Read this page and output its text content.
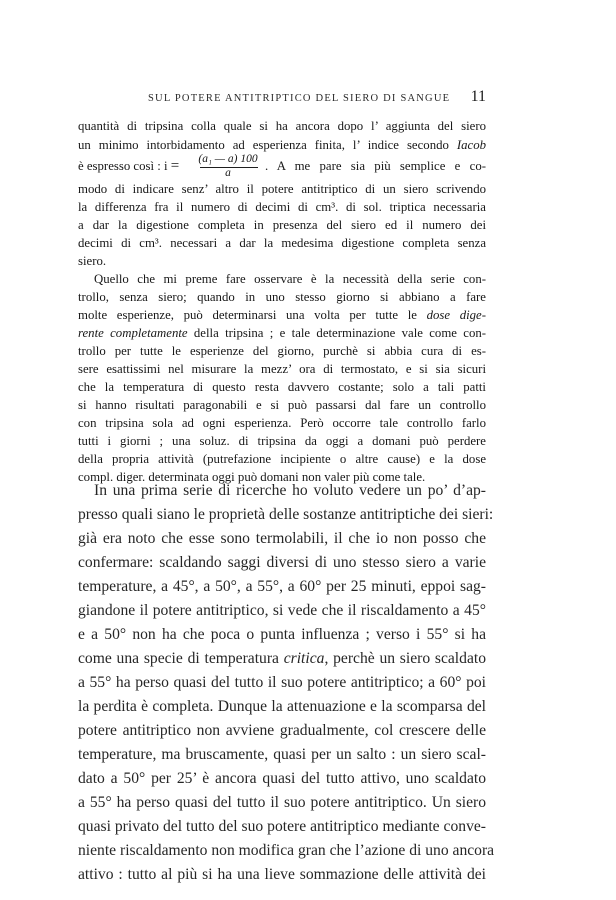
SUL POTERE ANTITRIPTICO DEL SIERO DI SANGUE 11
quantità di tripsina colla quale si ha ancora dopo l’ aggiunta del siero
un minimo intorbidamento ad esperienza finita, l’ indice secondo Iacob
è espresso così : i = (a₁ — a) 100
a	. A me pare sia più semplice e co-
modo di indicare senz’ altro il potere antitriptico di un siero scrivendo
la differenza fra il numero di decimi di cm³. di sol. triptica necessaria
a dar la digestione completa in presenza del siero ed il numero dei
decimi di cm³. necessari a dar la medesima digestione completa senza
siero.
Quello che mi preme fare osservare è la necessità della serie con-
trollo, senza siero; quando in uno stesso giorno si abbiano a fare
molte esperienze, può determinarsi una volta per tutte le dose dige-
rente completamente della tripsina ; e tale determinazione vale come con-
trollo per tutte le esperienze del giorno, purchè si abbia cura di es-
sere esattissimi nel misurare la mezz’ ora di termostato, e si sia sicuri
che la temperatura di questo resta davvero costante; solo a tali patti
si hanno risultati paragonabili e si può passarsi dal fare un controllo
con tripsina sola ad ogni esperienza. Però occorre tale controllo farlo
tutti i giorni ; una soluz. di tripsina da oggi a domani può perdere
della propria attività (putrefazione incipiente o altre cause) e la dose
compl. diger. determinata oggi può domani non valer più come tale.
In una prima serie di ricerche ho voluto vedere un po’ d’ap-
presso quali siano le proprietà delle sostanze antitriptiche dei sieri:
già era noto che esse sono termolabili, il che io non posso che
confermare: scaldando saggi diversi di uno stesso siero a varie
temperature, a 45°, a 50°, a 55°, a 60° per 25 minuti, eppoi sag-
giandone il potere antitriptico, si vede che il riscaldamento a 45°
e a 50° non ha che poca o punta influenza ; verso i 55° si ha
come una specie di temperatura critica, perchè un siero scaldato
a 55° ha perso quasi del tutto il suo potere antitriptico; a 60° poi
la perdita è completa. Dunque la attenuazione e la scomparsa del
potere antitriptico non avviene gradualmente, col crescere delle
temperature, ma bruscamente, quasi per un salto : un siero scal-
dato a 50° per 25’ è ancora quasi del tutto attivo, uno scaldato
a 55° ha perso quasi del tutto il suo potere antitriptico. Un siero
quasi privato del tutto del suo potere antitriptico mediante conve-
niente riscaldamento non modifica gran che l’azione di uno ancora
attivo : tutto al più si ha una lieve sommazione delle attività dei
